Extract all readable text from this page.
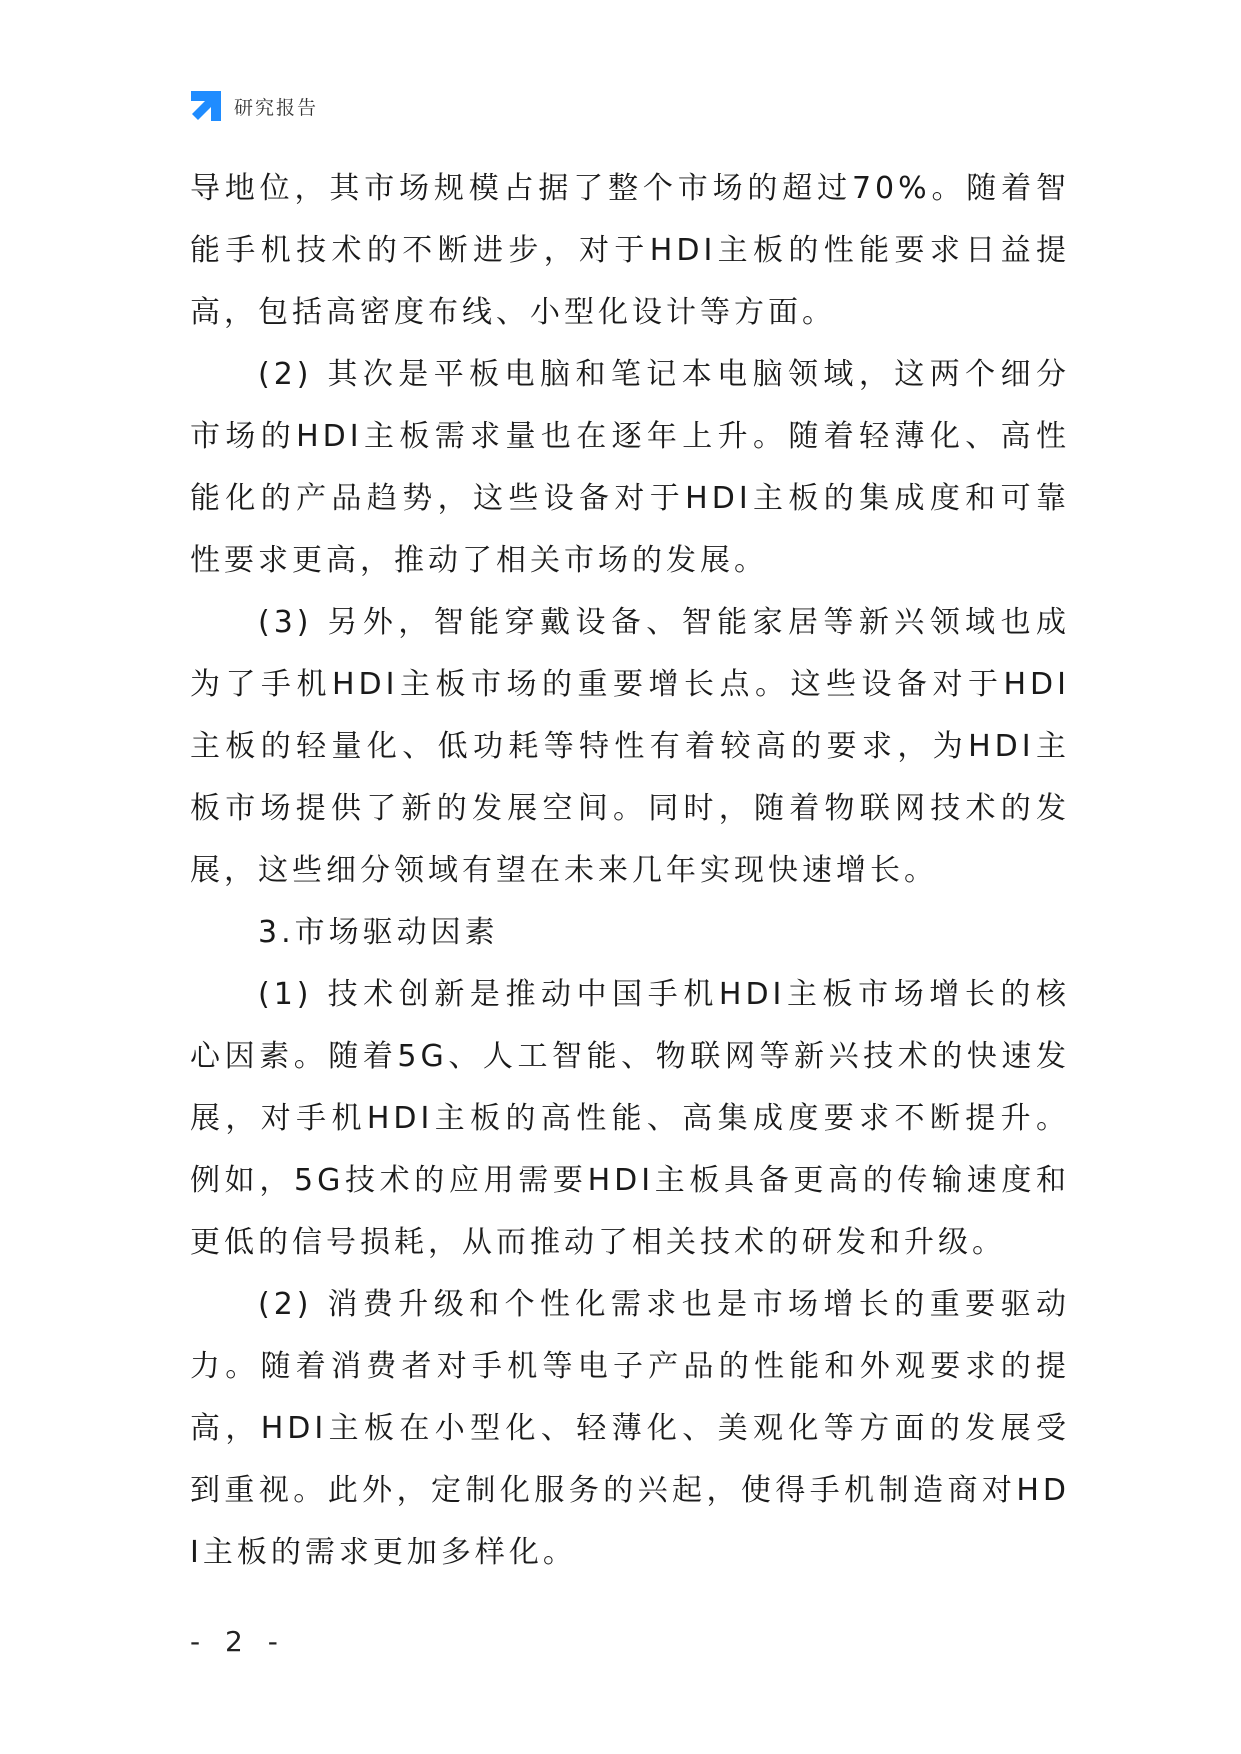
研究报告

导地位，其市场规模占据了整个市场的超过70%。随着智能手机技术的不断进步，对于HDI主板的性能要求日益提高，包括高密度布线、小型化设计等方面。

(2) 其次是平板电脑和笔记本电脑领域，这两个细分市场的HDI主板需求量也在逐年上升。随着轻薄化、高性能化的产品趋势，这些设备对于HDI主板的集成度和可靠性要求更高，推动了相关市场的发展。

(3) 另外，智能穿戴设备、智能家居等新兴领域也成为了手机HDI主板市场的重要增长点。这些设备对于HDI主板的轻量化、低功耗等特性有着较高的要求，为HDI主板市场提供了新的发展空间。同时，随着物联网技术的发展，这些细分领域有望在未来几年实现快速增长。

3.市场驱动因素

(1) 技术创新是推动中国手机HDI主板市场增长的核心因素。随着5G、人工智能、物联网等新兴技术的快速发展，对手机HDI主板的高性能、高集成度要求不断提升。例如，5G技术的应用需要HDI主板具备更高的传输速度和更低的信号损耗，从而推动了相关技术的研发和升级。

(2) 消费升级和个性化需求也是市场增长的重要驱动力。随着消费者对手机等电子产品的性能和外观要求的提高，HDI主板在小型化、轻薄化、美观化等方面的发展受到重视。此外，定制化服务的兴起，使得手机制造商对HDI主板的需求更加多样化。

- 2 -
